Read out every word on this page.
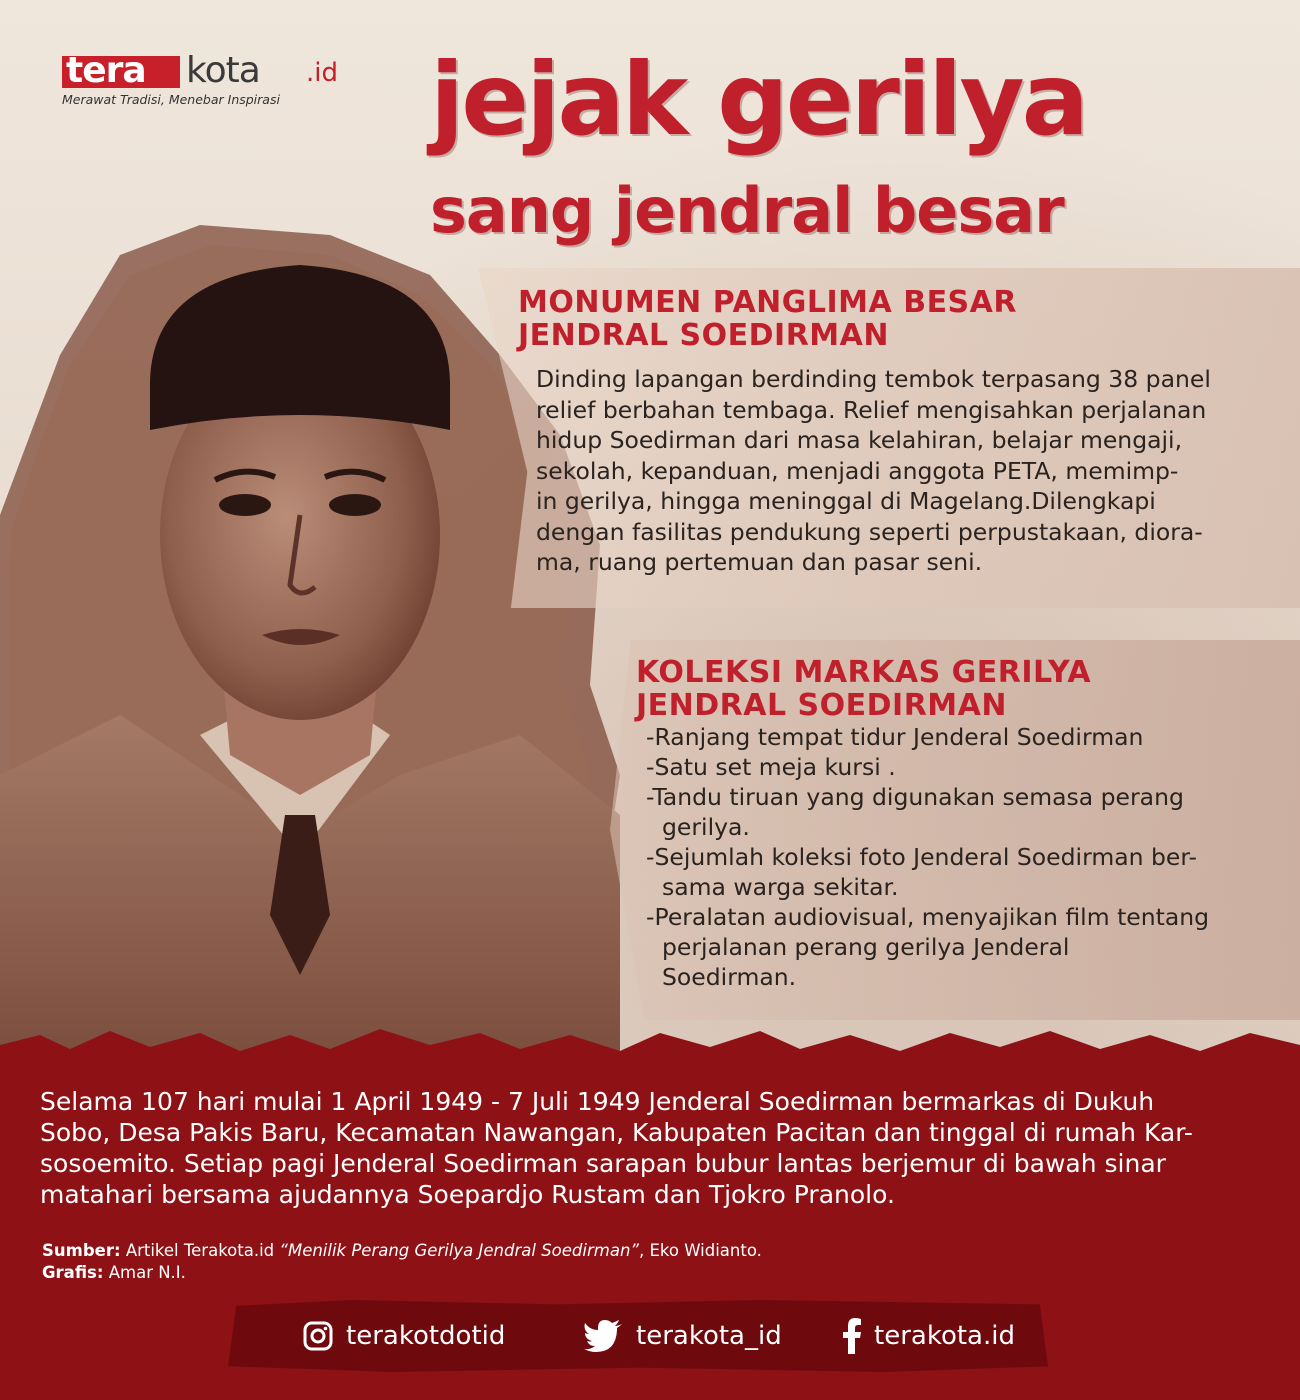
tera kota .id
Merawat Tradisi, Menebar Inspirasi jejak gerilya
sang jendral besar
MONUMEN PANGLIMA BESAR
JENDRAL SOEDIRMAN
Dinding lapangan berdinding tembok terpasang 38 panel
relief berbahan tembaga. Relief mengisahkan perjalanan
hidup Soedirman dari masa kelahiran, belajar mengaji,
sekolah, kepanduan, menjadi anggota PETA, memimp-
in gerilya, hingga meninggal di Magelang.Dilengkapi
dengan fasilitas pendukung seperti perpustakaan, diora-
ma, ruang pertemuan dan pasar seni.
KOLEKSI MARKAS GERILYA
JENDRAL SOEDIRMAN
-Ranjang tempat tidur Jenderal Soedirman
-Satu set meja kursi .
-Tandu tiruan yang digunakan semasa perang
gerilya.
-Sejumlah koleksi foto Jenderal Soedirman ber-
sama warga sekitar.
-Peralatan audiovisual, menyajikan film tentang
perjalanan perang gerilya Jenderal
Soedirman.
Selama 107 hari mulai 1 April 1949 - 7 Juli 1949 Jenderal Soedirman bermarkas di Dukuh
Sobo, Desa Pakis Baru, Kecamatan Nawangan, Kabupaten Pacitan dan tinggal di rumah Kar-
sosoemito. Setiap pagi Jenderal Soedirman sarapan bubur lantas berjemur di bawah sinar
matahari bersama ajudannya Soepardjo Rustam dan Tjokro Pranolo.
Sumber: Artikel Terakota.id “Menilik Perang Gerilya Jendral Soedirman”, Eko Widianto.
Grafis: Amar N.I.
terakotdotid	terakota_id	terakota.id
